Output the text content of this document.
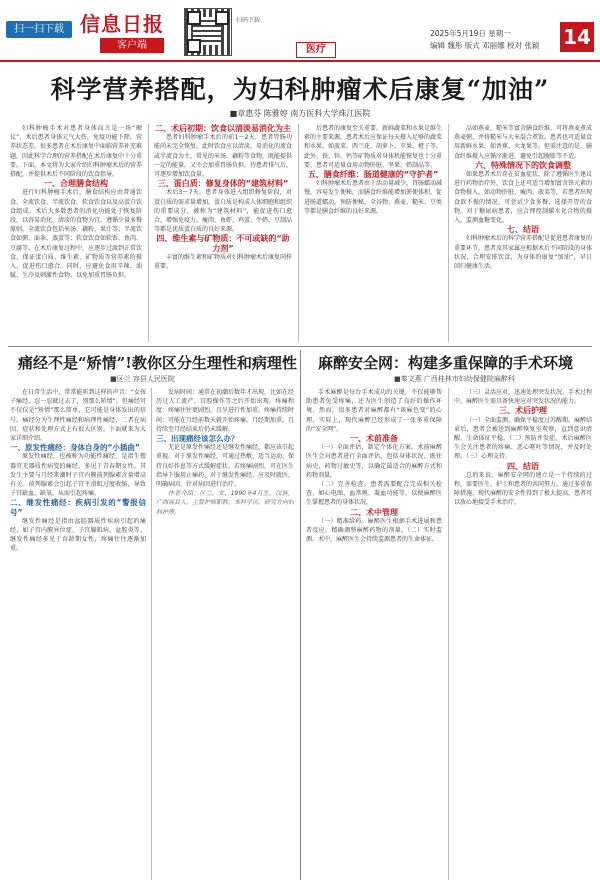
扫一扫下载 信息日报
客户端
扫码下载
医疗
2025年5月19日 星期一
编辑 魏彤 版式 邓丽娜 校对 张颖 14
科学营养搭配，为妇科肿瘤术后康复“加油”
■章惠芬 陈雅婷 南方医科大学珠江医院

妇科肿瘤手术对患者身体而言是一场“硬仗”，术后患者身体元气大伤，免疫功能下降，营养状态差，很多患者在术后康复中面临营养补充难题，因此科学合理的营养搭配在术后康复中十分重要。下面，本文将为大家介绍妇科肿瘤术后的营养搭配，并提供术后不同阶段的饮食指导。

一、合理膳食结构

进行妇科肿瘤手术后，膳食结构应由普通饮食、全流饮食、半流饮食、软食饮食以及高蛋白饮食组成。术后大多数患者的消化功能处于恢复阶段，以容易消化、清淡的食物为宜，遵循少量多餐原则。全流饮食包括米汤、藕粉、果汁等；半流饮食如粥、面条、蒸蛋等；软食饮食如软饭、鱼肉、豆腐等。在术后康复过程中，应逐步过渡到正常饮食，保证蛋白质、维生素、矿物质等营养素的摄入，促进伤口愈合。同时，应避免食用辛辣、油腻、生冷及刺激性食物，以免加重胃肠负担。

二、术后初期：饮食以清淡易消化为主

患者妇科肿瘤手术后的前1～2天，患者胃肠功能尚未完全恢复，此时饮食应以清淡、易消化的流食或半流食为主，常见的米汤、藕粉等食物，既能提供一定的能量，又不会加重胃肠负担，待患者排气后，可逐步增加饮食量。

三、蛋白质：修复身体的“建筑材料”

术后3～7天，患者身体进入组织修复阶段，对蛋白质的需求量增加。蛋白质是构成人体细胞和组织的重要成分，被称为“建筑材料”，能促进伤口愈合，增强免疫力。瘦肉、鱼虾、鸡蛋、牛奶、豆制品等都是优质蛋白质的良好来源。

四、维生素与矿物质：不可或缺的“助力剂”

丰富的维生素和矿物质对妇科肿瘤术后康复同样重要。

后患者的康复至关重要。新鲜蔬菜和水果是维生素的主要来源，患者术后应保证每天摄入足够的蔬菜和水果，如菠菜、西兰花、胡萝卜、苹果、橙子等。此外，铁、锌、钙等矿物质对身体机能恢复也十分重要，患者可适量食用动物肝脏、坚果、奶制品等。

五、膳食纤维：肠道健康的“守护者”

妇科肿瘤术后患者由于活动量减少，胃肠蠕动减慢，容易发生便秘。而膳食纤维能增加粪便体积，促进肠道蠕动，预防便秘。全谷物、燕麦、糙米、豆类等都是膳食纤维的良好来源。

品如燕麦、糙米等富含膳食纤维，可将燕麦煮成燕麦粥，并将糙米与大米混合煮饭。患者也可适量食用新鲜水果，如香蕉、火龙果等。但需注意的是，膳食纤维摄入应循序渐进，避免引起腹胀等不适。

六、特殊情况下的饮食调整

如果患者术后存在贫血症状，除了遵循医生建议进行药物治疗外，饮食上还可适当增加富含铁元素的食物摄入，如动物肝脏、瘦肉、菠菜等。若患者出现食欲不振的情况，可尝试少食多餐，选择开胃的食物。对于糖尿病患者，应合理控制碳水化合物的摄入，监测血糖变化。

七、结语

妇科肿瘤术后的科学营养搭配是促进患者康复的重要环节。患者及其家属应根据术后不同阶段的身体状况，合理安排饮食，为身体的康复“加油”，早日回归健康生活。

痛经不是“矫情”!教你区分生理性和病理性
■区兰 容县人民医院

在日常生活中，常常能听到这样的声音：“女孩子痛经，忍一忍就过去了，别那么矫情”。但痛经可不仅仅是“矫情”那么简单，它可能是身体发出的信号。痛经分为生理性痛经和病理性痛经，二者在病因、症状和处理方式上有很大区别。下面就来为大家详细介绍。

一、原发性痛经：身体自身的“小插曲”

原发性痛经，也被称为功能性痛经，是指生殖器官无器质性病变的痛经，多见于青春期女性。其发生主要与月经来潮时子宫内膜前列腺素含量增高有关。前列腺素会引起子宫平滑肌过度收缩，导致子宫缺血、缺氧，从而引起疼痛。

二、继发性痛经：疾病引发的“警报信号”

继发性痛经是指由盆腔器质性疾病引起的痛经，如子宫内膜异位症、子宫腺肌病、盆腔炎等。继发性痛经多见于育龄期女性，疼痛往往逐渐加重。

发病时间：通常在初潮后数年才出现，比如在经历过人工流产、宫腔操作等之后开始出现。疼痛程度：疼痛往往更剧烈，且呈进行性加重。疼痛持续时间：可能在月经前数天就开始疼痛，月经期加重，且持续至月经结束后仍未缓解。

三、出现痛经该怎么办？

无论是原发性痛经还是继发性痛经，都应该引起重视。对于原发性痛经，可通过热敷、适当运动、保持良好作息等方式缓解症状。若疼痛剧烈，可在医生指导下服用止痛药。对于继发性痛经，应及时就医，明确病因，针对病因进行治疗。

作者介绍：区兰，女，1990年4月生，汉族，广西容县人，主管护师职称，本科学历，研究方向妇科护理。

麻醉安全网：构建多重保障的手术环境
■秦文燕 广西桂林市妇幼保健院麻醉科

手术麻醉是每台手术成功的关键，不仅能够帮助患者免受疼痛，还为医生创造了良好的操作环境。然而，很多患者对麻醉都有“谈麻色变”的心理。实际上，现代麻醉已经形成了一张多重保障的“安全网”。

一、术前准备

（一）全面评估，制定个体化方案。术前麻醉医生会对患者进行全面评估，包括身体状况、既往病史、药物过敏史等，以确定最适合的麻醉方式和药物剂量。

（二）完善检查。患者需要配合完成相关检查，如心电图、血常规、凝血功能等，以便麻醉医生掌握患者的身体状况。

二、术中管理

（一）精准给药。麻醉医生根据手术进展和患者反应，精确调整麻醉药物的剂量。（二）实时监测。术中，麻醉医生会持续监测患者的生命体征。

（三）灵活应对，迅速处理突发状况。手术过程中，麻醉医生需具备快速应对突发状况的能力。

三、术后护理

（一）全面监测，确保平稳度过苏醒期。麻醉结束后，患者会被送到麻醉恢复室观察，直到意识清醒、生命体征平稳。（二）预防并发症。术后麻醉医生会关注患者的疼痛、恶心呕吐等情况，并及时处理。（三）心理支持。

四、结语

总的来说，麻醉安全网的建立是一个持续的过程，需要医生、护士和患者的共同努力。通过多重保障措施，现代麻醉的安全性得到了极大提高，患者可以放心地接受手术治疗。
